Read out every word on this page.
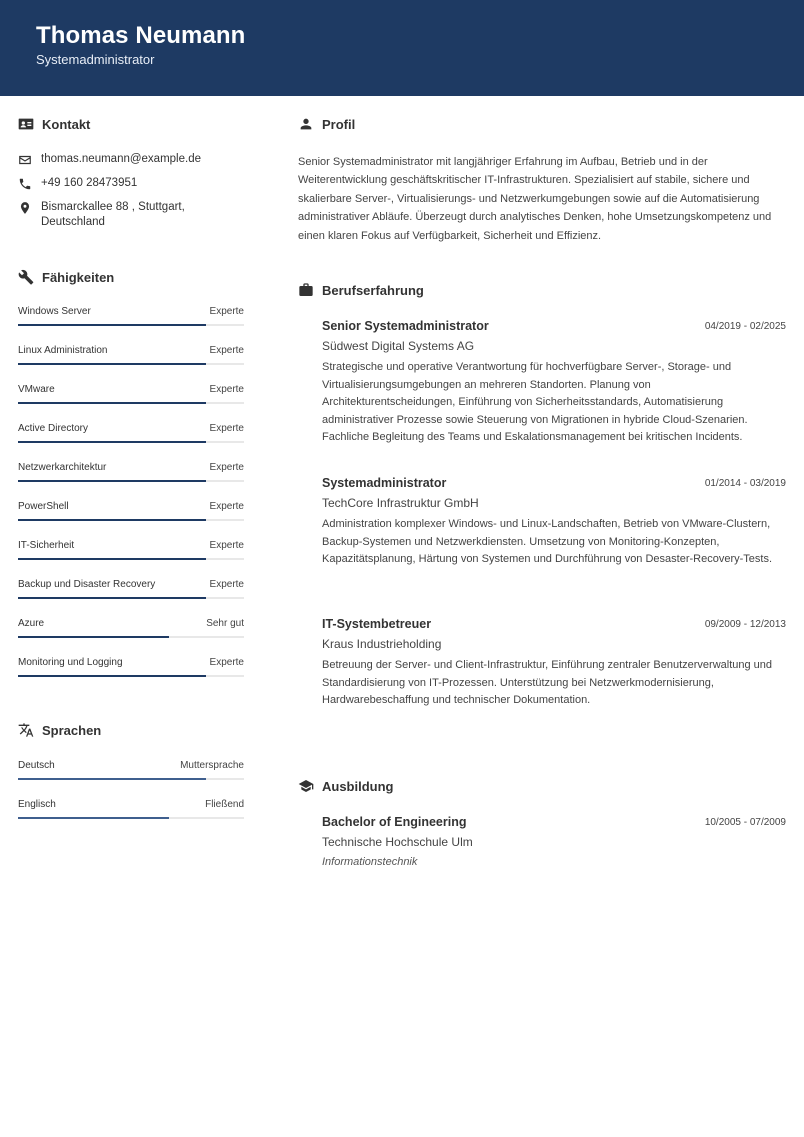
Thomas Neumann
Systemadministrator
Kontakt
thomas.neumann@example.de
+49 160 28473951
Bismarckallee 88 , Stuttgart,
Deutschland
Fähigkeiten
Windows Server	Experte
Linux Administration	Experte
VMware	Experte
Active Directory	Experte
Netzwerkarchitektur	Experte
PowerShell	Experte
IT-Sicherheit	Experte
Backup und Disaster Recovery	Experte
Azure	Sehr gut
Monitoring und Logging	Experte
Sprachen
Deutsch	Muttersprache
Englisch	Fließend
Profil
Senior Systemadministrator mit langjähriger Erfahrung im Aufbau, Betrieb und in der Weiterentwicklung geschäftskritischer IT-Infrastrukturen. Spezialisiert auf stabile, sichere und skalierbare Server-, Virtualisierungs- und Netzwerkumgebungen sowie auf die Automatisierung administrativer Abläufe. Überzeugt durch analytisches Denken, hohe Umsetzungskompetenz und einen klaren Fokus auf Verfügbarkeit, Sicherheit und Effizienz.
Berufserfahrung
Senior Systemadministrator	04/2019 - 02/2025
Südwest Digital Systems AG
Strategische und operative Verantwortung für hochverfügbare Server-, Storage- und Virtualisierungsumgebungen an mehreren Standorten. Planung von Architekturentscheidungen, Einführung von Sicherheitsstandards, Automatisierung administrativer Prozesse sowie Steuerung von Migrationen in hybride Cloud-Szenarien. Fachliche Begleitung des Teams und Eskalationsmanagement bei kritischen Incidents.
Systemadministrator	01/2014 - 03/2019
TechCore Infrastruktur GmbH
Administration komplexer Windows- und Linux-Landschaften, Betrieb von VMware-Clustern, Backup-Systemen und Netzwerkdiensten. Umsetzung von Monitoring-Konzepten, Kapazitätsplanung, Härtung von Systemen und Durchführung von Desaster-Recovery-Tests.
IT-Systembetreuer	09/2009 - 12/2013
Kraus Industrieholding
Betreuung der Server- und Client-Infrastruktur, Einführung zentraler Benutzerverwaltung und Standardisierung von IT-Prozessen. Unterstützung bei Netzwerkmodernisierung, Hardwarebeschaffung und technischer Dokumentation.
Ausbildung
Bachelor of Engineering	10/2005 - 07/2009
Technische Hochschule Ulm
Informationstechnik
